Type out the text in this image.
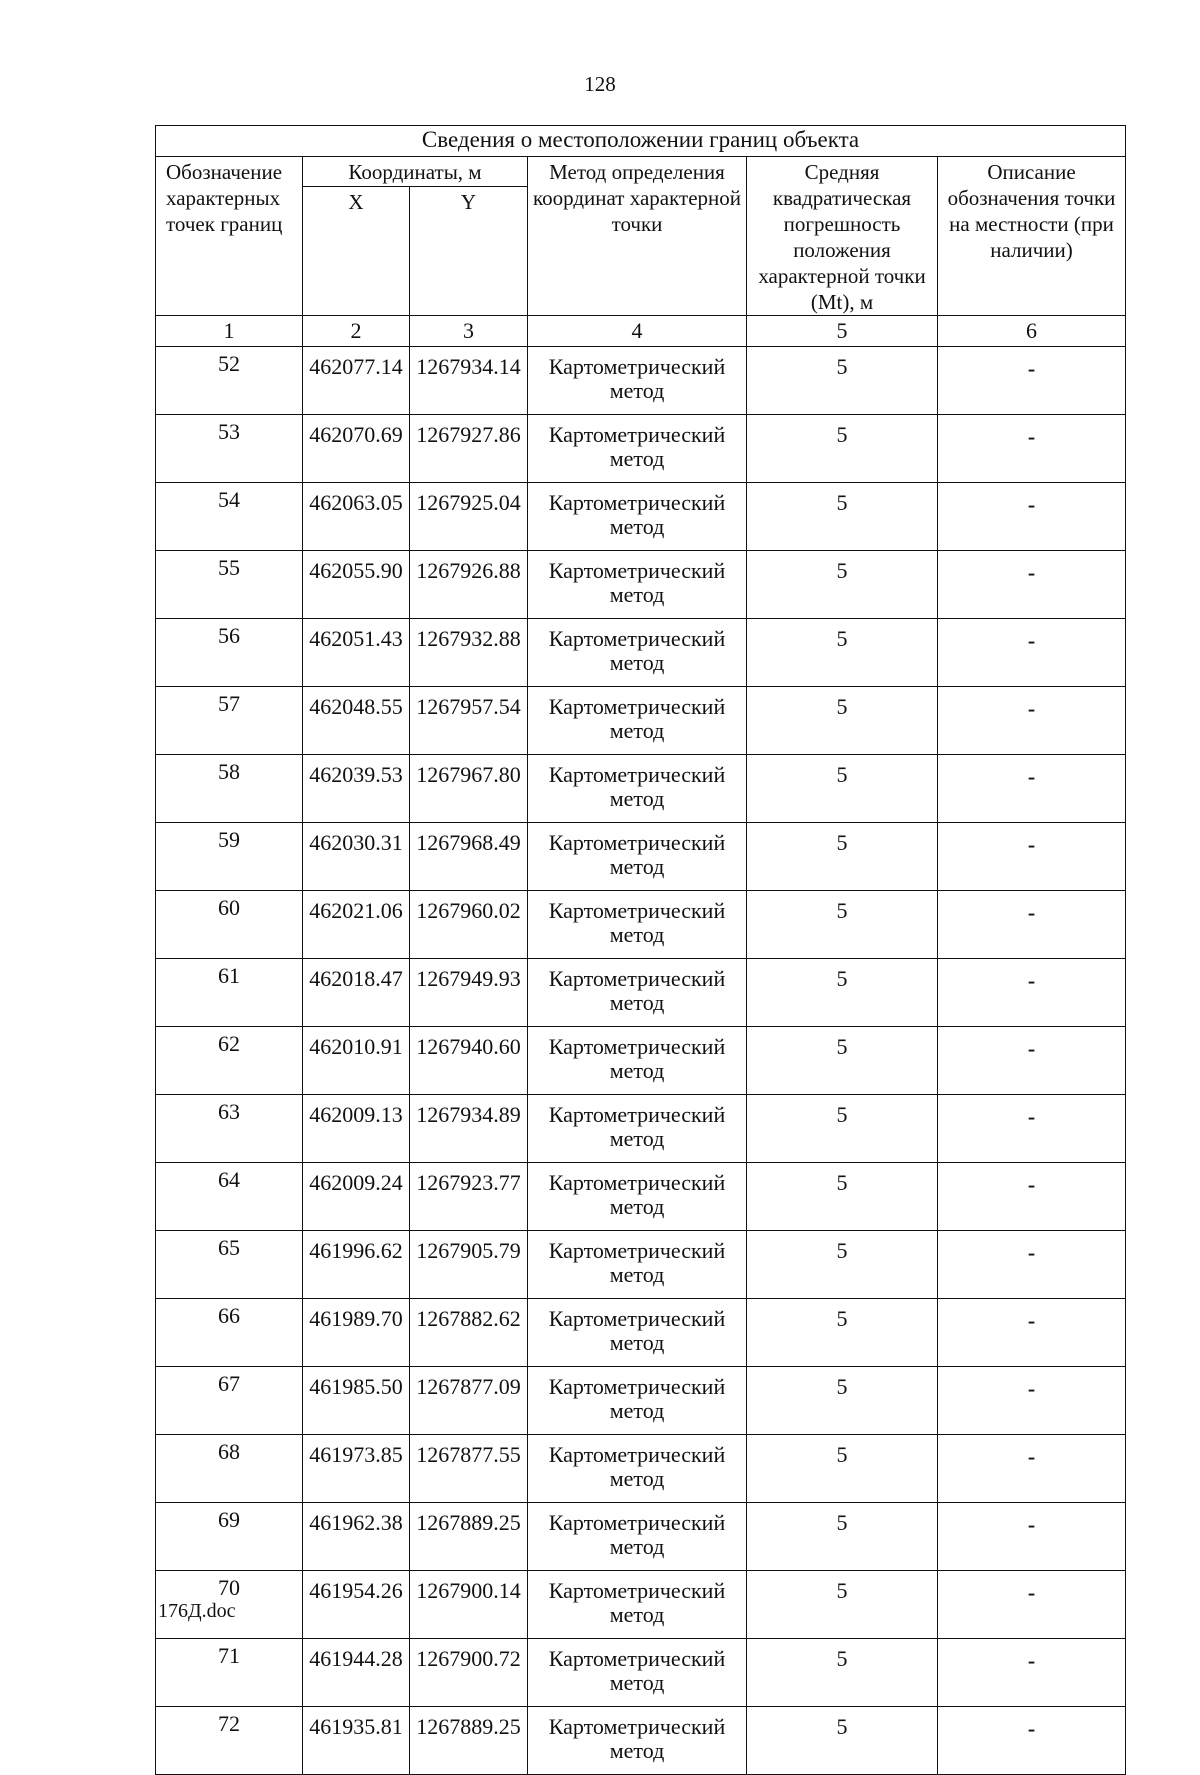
128
Сведения о местоположении границ объекта					
Обозначение характерных точек границ	Координаты, м		Метод определения координат характерной точки	Средняя квадратическая погрешность положения характерной точки (Mt), м	Описание обозначения точки на местности (при наличии)
	X	Y			
1	2	3	4	5	6
52	462077.14	1267934.14	Картометрический метод	5	-
53	462070.69	1267927.86	Картометрический метод	5	-
54	462063.05	1267925.04	Картометрический метод	5	-
55	462055.90	1267926.88	Картометрический метод	5	-
56	462051.43	1267932.88	Картометрический метод	5	-
57	462048.55	1267957.54	Картометрический метод	5	-
58	462039.53	1267967.80	Картометрический метод	5	-
59	462030.31	1267968.49	Картометрический метод	5	-
60	462021.06	1267960.02	Картометрический метод	5	-
61	462018.47	1267949.93	Картометрический метод	5	-
62	462010.91	1267940.60	Картометрический метод	5	-
63	462009.13	1267934.89	Картометрический метод	5	-
64	462009.24	1267923.77	Картометрический метод	5	-
65	461996.62	1267905.79	Картометрический метод	5	-
66	461989.70	1267882.62	Картометрический метод	5	-
67	461985.50	1267877.09	Картометрический метод	5	-
68	461973.85	1267877.55	Картометрический метод	5	-
69	461962.38	1267889.25	Картометрический метод	5	-
70	461954.26	1267900.14	Картометрический метод	5	-
71	461944.28	1267900.72	Картометрический метод	5	-
72	461935.81	1267889.25	Картометрический метод	5	-
176Д.doc
